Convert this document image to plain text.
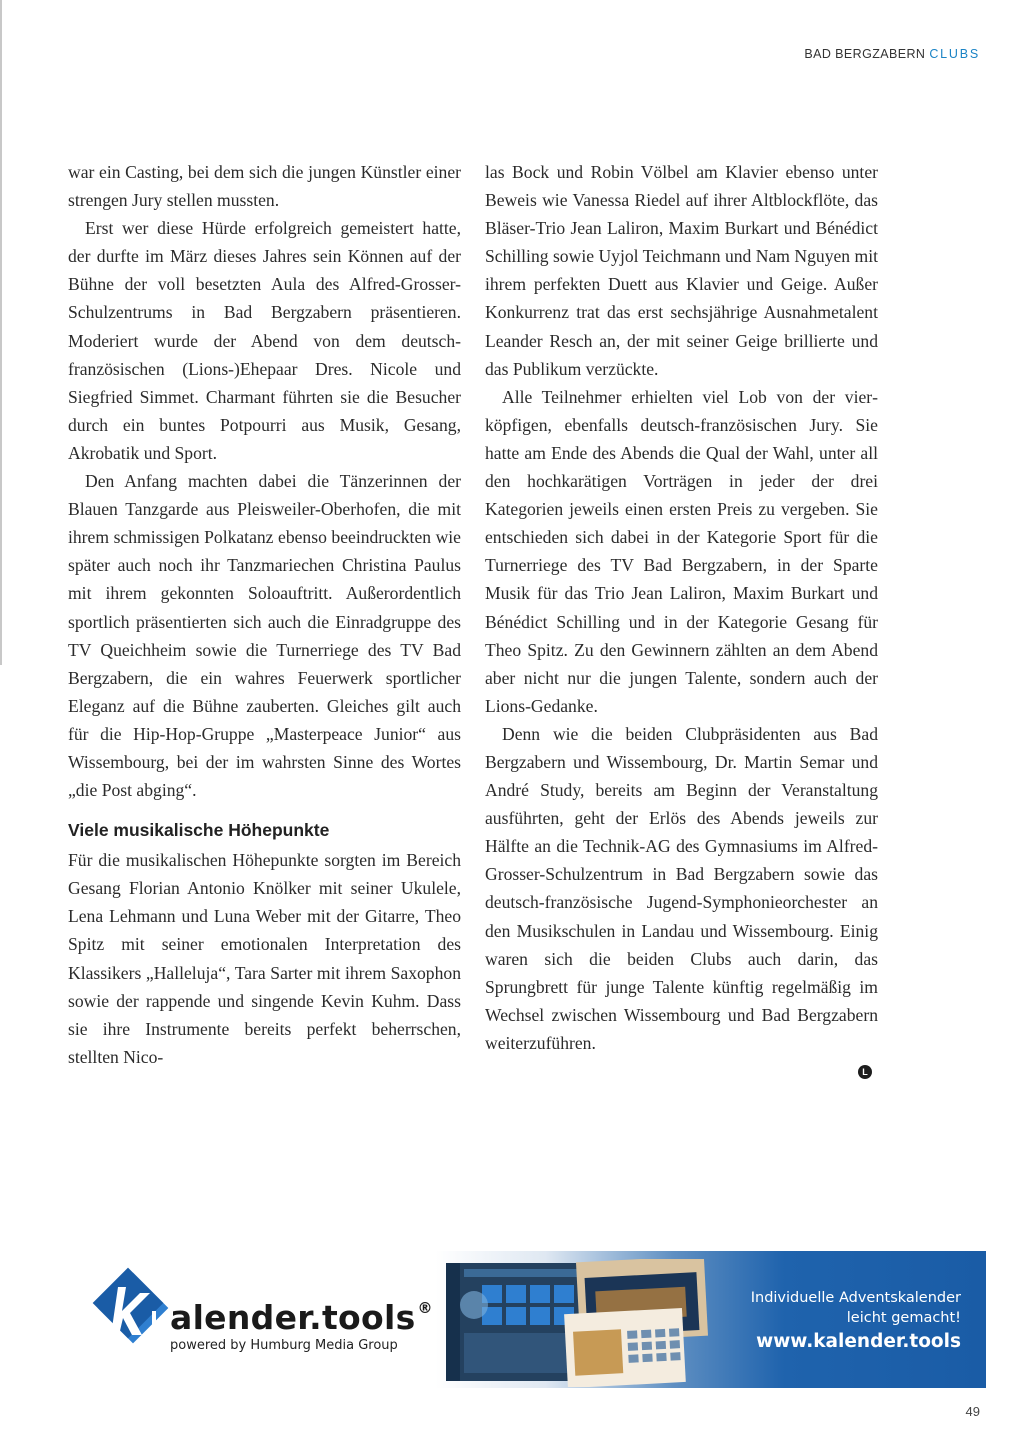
BAD BERGZABERN CLUBS

war ein Casting, bei dem sich die jungen Künstler einer strengen Jury stellen mussten.

Erst wer diese Hürde erfolgreich gemeistert hatte, der durfte im März dieses Jahres sein Können auf der Bühne der voll besetzten Aula des Alfred-Grosser-Schulzentrums in Bad Bergzabern präsentieren. Moderiert wurde der Abend von dem deutsch-französischen (Lions-)Ehepaar Dres. Nicole und Siegfried Simmet. Charmant führten sie die Besucher durch ein buntes Potpourri aus Musik, Gesang, Akrobatik und Sport.

Den Anfang machten dabei die Tänzerinnen der Blauen Tanzgarde aus Pleisweiler-Oberhofen, die mit ihrem schmissigen Polkatanz ebenso beeindruckten wie später auch noch ihr Tanzmariechen Christina Paulus mit ihrem gekonnten Soloauftritt. Außerordentlich sportlich präsentierten sich auch die Einradgruppe des TV Queichheim sowie die Turnerriege des TV Bad Bergzabern, die ein wahres Feuerwerk sportlicher Eleganz auf die Bühne zauberten. Gleiches gilt auch für die Hip-Hop-Gruppe „Masterpeace Junior“ aus Wissembourg, bei der im wahrsten Sinne des Wortes „die Post abging“.

Viele musikalische Höhepunkte

Für die musikalischen Höhepunkte sorgten im Bereich Gesang Florian Antonio Knölker mit seiner Ukulele, Lena Lehmann und Luna Weber mit der Gitarre, Theo Spitz mit seiner emotionalen Interpretation des Klassikers „Halleluja“, Tara Sarter mit ihrem Saxophon sowie der rappende und singende Kevin Kuhm. Dass sie ihre Instrumente bereits perfekt beherrschen, stellten Nico-

las Bock und Robin Völbel am Klavier ebenso unter Beweis wie Vanessa Riedel auf ihrer Altblockflöte, das Bläser-Trio Jean Laliron, Maxim Burkart und Bénédict Schilling sowie Uyjol Teichmann und Nam Nguyen mit ihrem perfekten Duett aus Klavier und Geige. Außer Konkurrenz trat das erst sechsjährige Ausnahmetalent Leander Resch an, der mit seiner Geige brillierte und das Publikum verzückte.

Alle Teilnehmer erhielten viel Lob von der vierköpfigen, ebenfalls deutsch-französischen Jury. Sie hatte am Ende des Abends die Qual der Wahl, unter all den hochkarätigen Vorträgen in jeder der drei Kategorien jeweils einen ersten Preis zu vergeben. Sie entschieden sich dabei in der Kategorie Sport für die Turnerriege des TV Bad Bergzabern, in der Sparte Musik für das Trio Jean Laliron, Maxim Burkart und Bénédict Schilling und in der Kategorie Gesang für Theo Spitz. Zu den Gewinnern zählten an dem Abend aber nicht nur die jungen Talente, sondern auch der Lions-Gedanke.

Denn wie die beiden Clubpräsidenten aus Bad Bergzabern und Wissembourg, Dr. Martin Semar und André Study, bereits am Beginn der Veranstaltung ausführten, geht der Erlös des Abends jeweils zur Hälfte an die Technik-AG des Gymnasiums im Alfred-Grosser-Schulzentrum in Bad Bergzabern sowie das deutsch-französische Jugend-Symphonieorchester an den Musikschulen in Landau und Wissembourg. Einig waren sich die beiden Clubs auch darin, das Sprungbrett für junge Talente künftig regelmäßig im Wechsel zwischen Wissembourg und Bad Bergzabern weiterzuführen.

L
alender.tools ®
powered by Humburg Media Group
Individuelle Adventskalender
leicht gemacht!
www.kalender.tools
49
